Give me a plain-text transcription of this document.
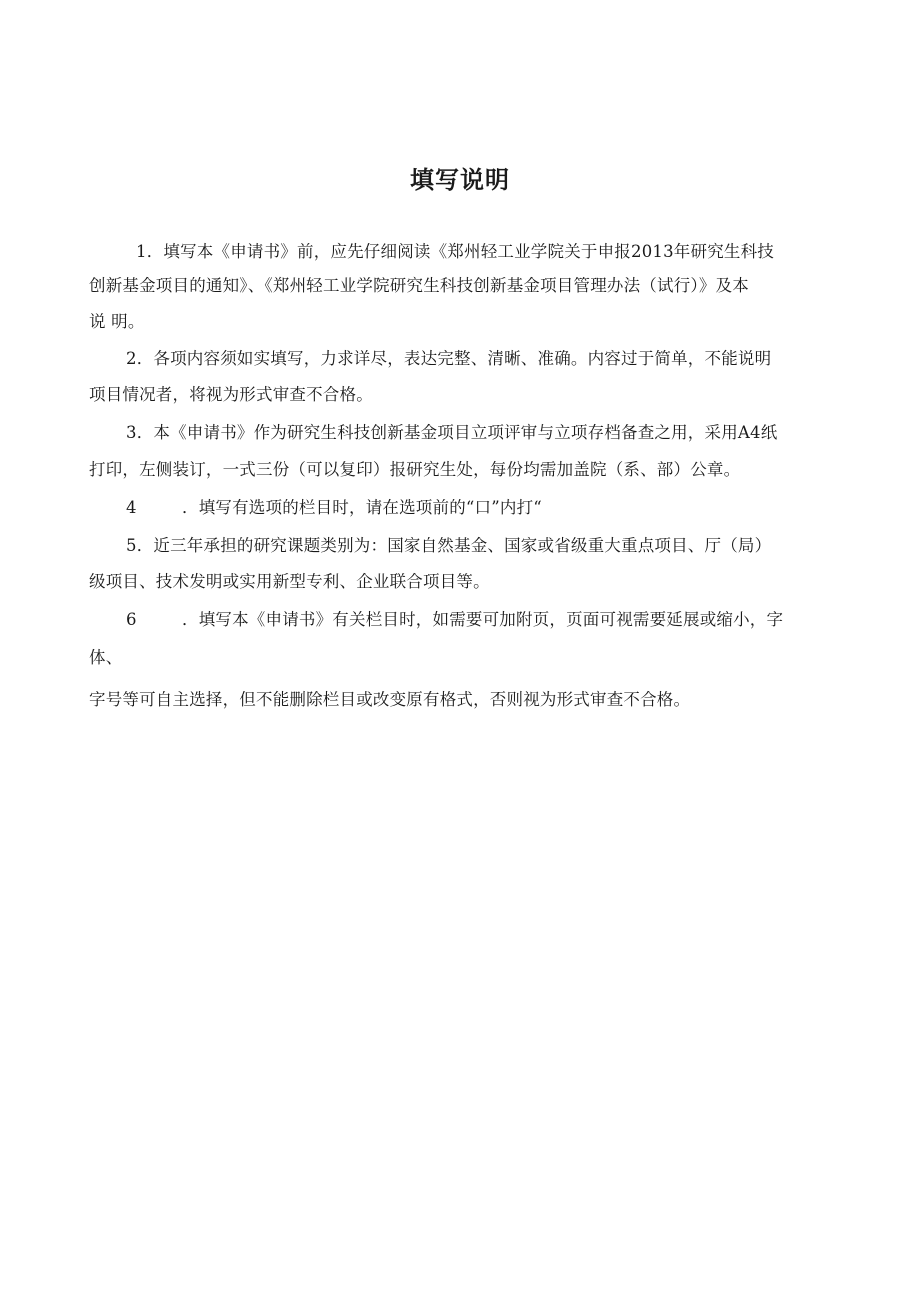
填写说明
1．填写本《申请书》前，应先仔细阅读《郑州轻工业学院关于申报2013年研究生科技
创新基金项目的通知》、《郑州轻工业学院研究生科技创新基金项目管理办法（试行）》及本
说 明。
2．各项内容须如实填写，力求详尽，表达完整、清晰、准确。内容过于简单，不能说明
项目情况者，将视为形式审查不合格。
3．本《申请书》作为研究生科技创新基金项目立项评审与立项存档备查之用，采用A4纸
打印，左侧装订，一式三份（可以复印）报研究生处，每份均需加盖院（系、部）公章。
4	．填写有选项的栏目时，请在选项前的“口”内打“
5．近三年承担的研究课题类别为：国家自然基金、国家或省级重大重点项目、厅（局）
级项目、技术发明或实用新型专利、企业联合项目等。
6	．填写本《申请书》有关栏目时，如需要可加附页，页面可视需要延展或缩小，字
体、
字号等可自主选择，但不能删除栏目或改变原有格式，否则视为形式审查不合格。
